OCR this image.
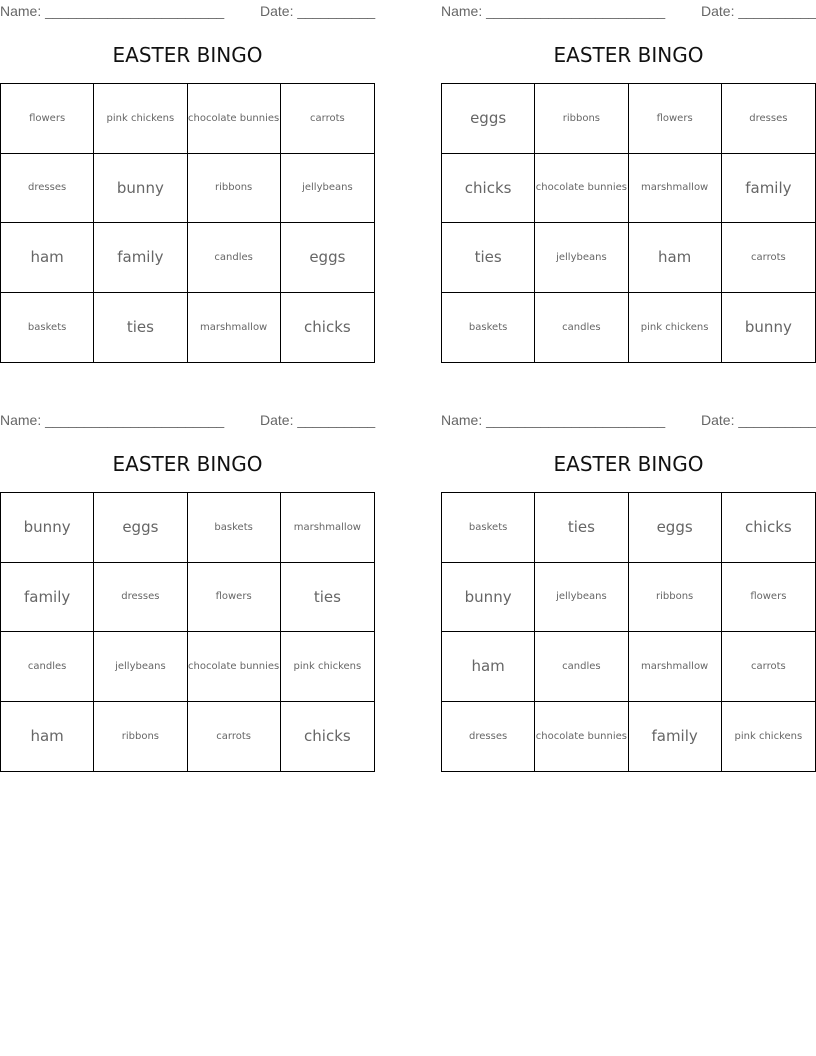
Name: _______________________	Date: __________
EASTER BINGO
flowers	pink chickens	chocolate bunnies	carrots
dresses	bunny	ribbons	jellybeans
ham	family	candles	eggs
baskets	ties	marshmallow	chicks
Name: _______________________	Date: __________
EASTER BINGO
eggs	ribbons	flowers	dresses
chicks	chocolate bunnies	marshmallow	family
ties	jellybeans	ham	carrots
baskets	candles	pink chickens	bunny
Name: _______________________	Date: __________
EASTER BINGO
bunny	eggs	baskets	marshmallow
family	dresses	flowers	ties
candles	jellybeans	chocolate bunnies	pink chickens
ham	ribbons	carrots	chicks
Name: _______________________	Date: __________
EASTER BINGO
baskets	ties	eggs	chicks
bunny	jellybeans	ribbons	flowers
ham	candles	marshmallow	carrots
dresses	chocolate bunnies	family	pink chickens
